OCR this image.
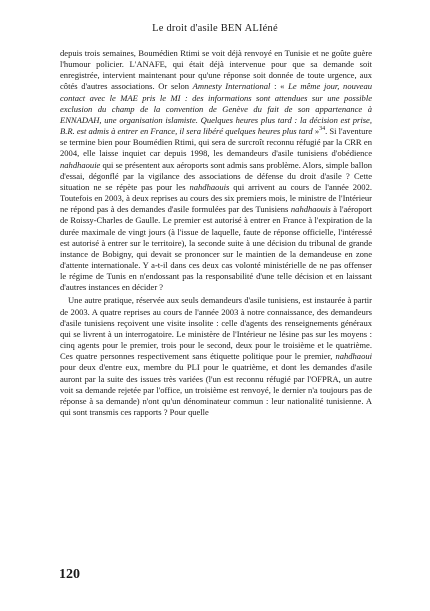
Le droit d'asile BEN ALIéné

depuis trois semaines, Boumédien Rtimi se voit déjà renvoyé en Tunisie et ne goûte guère l'humour policier. L'ANAFE, qui était déjà intervenue pour que sa demande soit enregistrée, intervient maintenant pour qu'une réponse soit donnée de toute urgence, aux côtés d'autres associations. Or selon Amnesty International : « Le même jour, nouveau contact avec le MAE pris le MI : des informations sont attendues sur une possible exclusion du champ de la convention de Genève du fait de son appartenance à ENNADAH, une organisation islamiste. Quelques heures plus tard : la décision est prise, B.R. est admis à entrer en France, il sera libéré quelques heures plus tard »$^{34}$. Si l'aventure se termine bien pour Boumédien Rtimi, qui sera de surcroît reconnu réfugié par la CRR en 2004, elle laisse inquiet car depuis 1998, les demandeurs d'asile tunisiens d'obédience nahdhaouie qui se présentent aux aéroports sont admis sans problème. Alors, simple ballon d'essai, dégonflé par la vigilance des associations de défense du droit d'asile ? Cette situation ne se répète pas pour les nahdhaouis qui arrivent au cours de l'année 2002. Toutefois en 2003, à deux reprises au cours des six premiers mois, le ministre de l'Intérieur ne répond pas à des demandes d'asile formulées par des Tunisiens nahdhaouis à l'aéroport de Roissy-Charles de Gaulle. Le premier est autorisé à entrer en France à l'expiration de la durée maximale de vingt jours (à l'issue de laquelle, faute de réponse officielle, l'intéressé est autorisé à entrer sur le territoire), la seconde suite à une décision du tribunal de grande instance de Bobigny, qui devait se prononcer sur le maintien de la demandeuse en zone d'attente internationale. Y a-t-il dans ces deux cas volonté ministérielle de ne pas offenser le régime de Tunis en n'endossant pas la responsabilité d'une telle décision et en laissant d'autres instances en décider ?

Une autre pratique, réservée aux seuls demandeurs d'asile tunisiens, est instaurée à partir de 2003. A quatre reprises au cours de l'année 2003 à notre connaissance, des demandeurs d'asile tunisiens reçoivent une visite insolite : celle d'agents des renseignements généraux qui se livrent à un interrogatoire. Le ministère de l'Intérieur ne lésine pas sur les moyens : cinq agents pour le premier, trois pour le second, deux pour le troisième et le quatrième. Ces quatre personnes respectivement sans étiquette politique pour le premier, nahdhaoui pour deux d'entre eux, membre du PLI pour le quatrième, et dont les demandes d'asile auront par la suite des issues très variées (l'un est reconnu réfugié par l'OFPRA, un autre voit sa demande rejetée par l'office, un troisième est renvoyé, le dernier n'a toujours pas de réponse à sa demande) n'ont qu'un dénominateur commun : leur nationalité tunisienne. A qui sont transmis ces rapports ? Pour quelle

120
